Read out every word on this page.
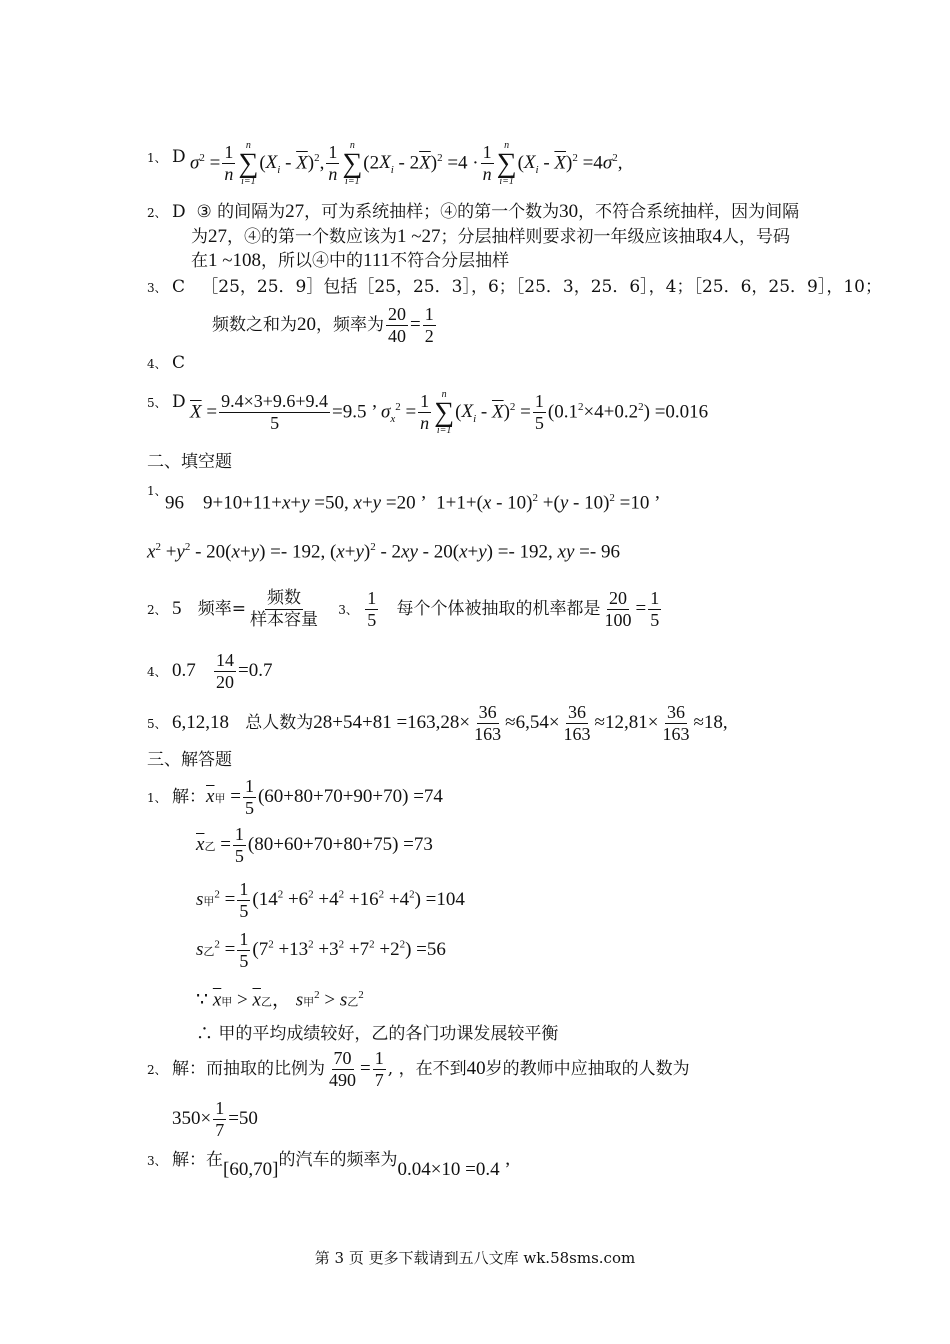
1、 D $\sigma^2 = \frac{1}{n}$ n
∑
i=1
$(X_i - \overline{X})^2$, $\frac{1}{n}$ n
∑
i=1
$(2X_i - 2\overline{X})^2 =4 \cdot \frac{1}{n}$ n
∑
i=1
$(X_i - \overline{X})^2 =4\sigma^2$,
2、 D ③ 的间隔为27，可为系统抽样；④的第一个数为30，不符合系统抽样，因为间隔
为27，④的第一个数应该为1 ~27；分层抽样则要求初一年级应该抽取4人，号码
在1 ~108，所以④中的111不符合分层抽样
3、 C ［25，25．9］包括［25，25．3］，6；［25．3，25．6］，4；［25．6，25．9］，10；
频数之和为20，频率为 $\frac{20}{40} = \frac{1}{2}$
4、 C
5、 D $\overline{X} = \frac{9.4\times 3+9.6+9.4}{5} =9.5$ ’ $\sigma_x^2 = \frac{1}{n}$ n
∑
i=1
$(X_i - \overline{X})^2 = \frac{1}{5} (0.1^2\times 4+0.2^2) =0.016$
二、填空题
1、
96    9+10+11+x+y =50, x+y =20 ’  1+1+(x - 10)$^2$ +(y - 10)$^2$ =10 ’
$x^2 +y^2 - 20(x+y) =- 192$, $(x+y)^2 - 2xy - 20(x+y) =- 192$, xy =- 96
2、 5 频率=
频数
样本容量 3、 $\frac{1}{5}$ 每个个体被抽取的机率都是 $\frac{20}{100} = \frac{1}{5}$
4、 $0.7 \frac{14}{20} =0.7$
5、 6,12,18 总人数为$28+54+81 =163,28\times \frac{36}{163} \approx 6,54\times \frac{36}{163} \approx 12,81\times \frac{36}{163} \approx 18$,
三、解答题
1、 解：$\overline{x}$甲 = $\frac{1}{5} (60+80+70+90+70) =74$
$\overline{x}$乙 = $\frac{1}{5} (80+60+70+80+75) =73$
s甲$^2 = \frac{1}{5} (14^2 +6^2 +4^2 +16^2 +4^2) =104$
s乙$^2 = \frac{1}{5} (7^2 +13^2 +3^2 +7^2 +2^2) =56$
∵ $\overline{x}$甲 > $\overline{x}$乙， s甲$^2$ > s乙$^2$
∴ 甲的平均成绩较好，乙的各门功课发展较平衡
2、 解：而抽取的比例为 $\frac{70}{490} = \frac{1}{7}$ , ，在不到40岁的教师中应抽取的人数为
$350\times \frac{1}{7} =50$
3、 解：在[60,70]的汽车的频率为0.04×10 =0.4 ’
第 3 页 更多下载请到五八文库 wk.58sms.com
